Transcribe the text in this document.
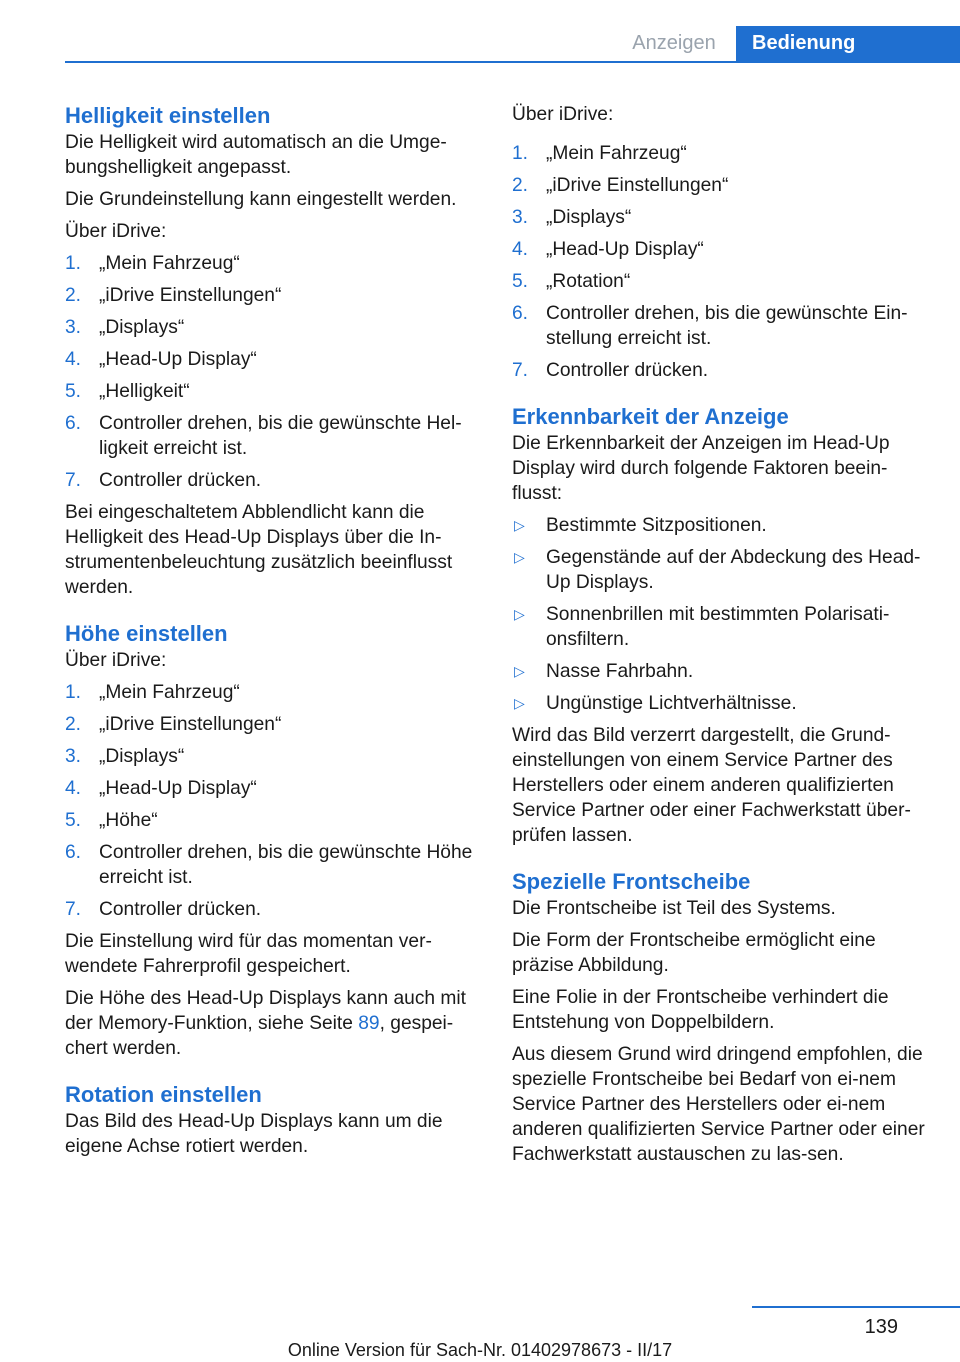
Anzeigen	Bedienung
Helligkeit einstellen

Die Helligkeit wird automatisch an die Umge-bungshelligkeit angepasst.

Die Grundeinstellung kann eingestellt werden.

Über iDrive:

1. „Mein Fahrzeug“
2. „iDrive Einstellungen“
3. „Displays“
4. „Head-Up Display“
5. „Helligkeit“
6. Controller drehen, bis die gewünschte Hel-ligkeit erreicht ist.
7. Controller drücken.

Bei eingeschaltetem Abblendlicht kann die Helligkeit des Head-Up Displays über die In-strumentenbeleuchtung zusätzlich beeinflusst werden.

Höhe einstellen

Über iDrive:

1. „Mein Fahrzeug“
2. „iDrive Einstellungen“
3. „Displays“
4. „Head-Up Display“
5. „Höhe“
6. Controller drehen, bis die gewünschte Höhe erreicht ist.
7. Controller drücken.

Die Einstellung wird für das momentan ver-wendete Fahrerprofil gespeichert.

Die Höhe des Head-Up Displays kann auch mit der Memory-Funktion, siehe Seite 89, gespei-chert werden.

Rotation einstellen

Das Bild des Head-Up Displays kann um die eigene Achse rotiert werden.

Über iDrive:

1. „Mein Fahrzeug“
2. „iDrive Einstellungen“
3. „Displays“
4. „Head-Up Display“
5. „Rotation“
6. Controller drehen, bis die gewünschte Ein-stellung erreicht ist.
7. Controller drücken.
Erkennbarkeit der Anzeige

Die Erkennbarkeit der Anzeigen im Head-Up Display wird durch folgende Faktoren beein-flusst:

▷ Bestimmte Sitzpositionen.
▷ Gegenstände auf der Abdeckung des Head-Up Displays.
▷ Sonnenbrillen mit bestimmten Polarisati-onsfiltern.
▷ Nasse Fahrbahn.
▷ Ungünstige Lichtverhältnisse.

Wird das Bild verzerrt dargestellt, die Grund-einstellungen von einem Service Partner des Herstellers oder einem anderen qualifizierten Service Partner oder einer Fachwerkstatt über-prüfen lassen.

Spezielle Frontscheibe

Die Frontscheibe ist Teil des Systems.

Die Form der Frontscheibe ermöglicht eine präzise Abbildung.

Eine Folie in der Frontscheibe verhindert die Entstehung von Doppelbildern.

Aus diesem Grund wird dringend empfohlen, die spezielle Frontscheibe bei Bedarf von ei-nem Service Partner des Herstellers oder ei-nem anderen qualifizierten Service Partner oder einer Fachwerkstatt austauschen zu las-sen.

139
Online Version für Sach-Nr. 01402978673 - II/17
